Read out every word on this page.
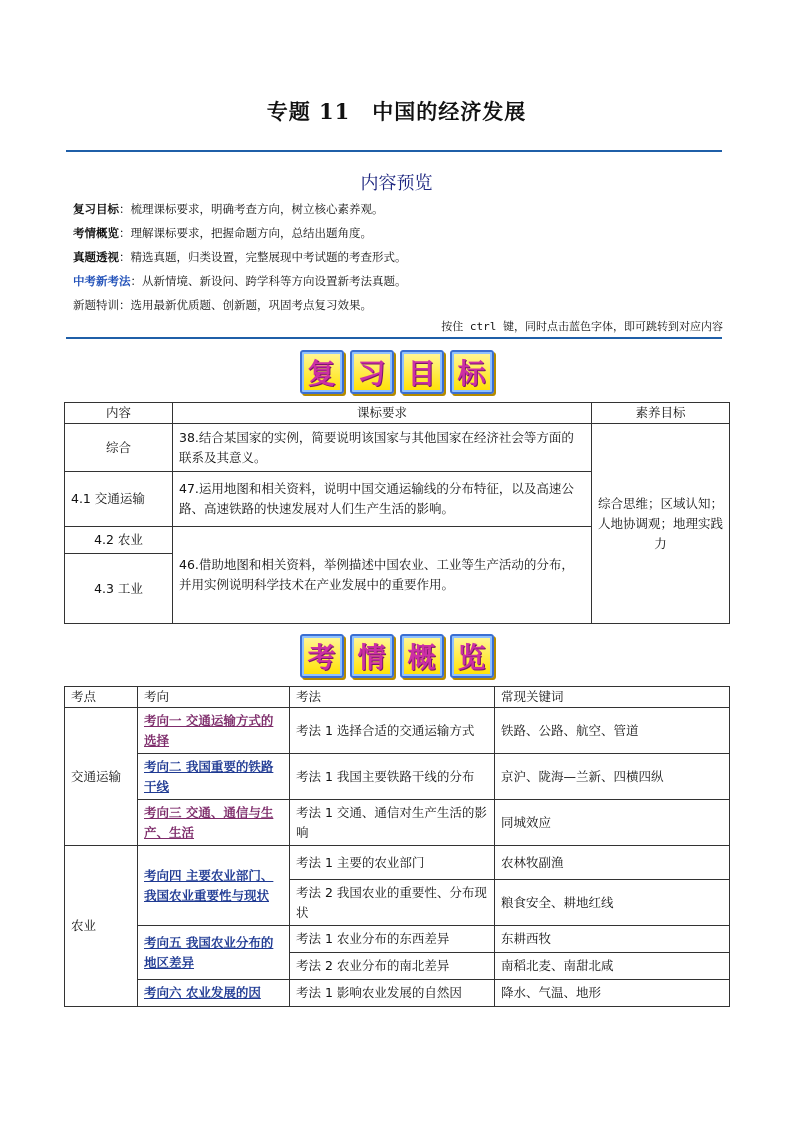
专题 11 中国的经济发展
内容预览
复习目标：梳理课标要求，明确考查方向，树立核心素养观。
考情概览：理解课标要求，把握命题方向，总结出题角度。
真题透视：精选真题，归类设置，完整展现中考试题的考查形式。
中考新考法：从新情境、新设问、跨学科等方向设置新考法真题。
新题特训：选用最新优质题、创新题，巩固考点复习效果。
按住 ctrl 键，同时点击蓝色字体，即可跳转到对应内容
复 习 目 标
内容	课标要求	素养目标
综合	38.结合某国家的实例，简要说明该国家与其他国家在经济社会等方面的联系及其意义。	综合思维；区域认知；人地协调观；地理实践力
4.1 交通运输	47.运用地图和相关资料，说明中国交通运输线的分布特征，以及高速公路、高速铁路的快速发展对人们生产生活的影响。	
4.2 农业	46.借助地图和相关资料，举例描述中国农业、工业等生产活动的分布，并用实例说明科学技术在产业发展中的重要作用。	
4.3 工业		
考 情 概 览
考点	考向	考法	常现关键词
交通运输	考向一 交通运输方式的选择	考法 1 选择合适的交通运输方式	铁路、公路、航空、管道
	考向二 我国重要的铁路干线	考法 1 我国主要铁路干线的分布	京沪、陇海—兰新、四横四纵
	考向三 交通、通信与生产、生活	考法 1 交通、通信对生产生活的影响	同城效应
农业	考向四 主要农业部门、我国农业重要性与现状	考法 1 主要的农业部门	农林牧副渔
		考法 2 我国农业的重要性、分布现状	粮食安全、耕地红线
	考向五 我国农业分布的地区差异	考法 1 农业分布的东西差异	东耕西牧
		考法 2 农业分布的南北差异	南稻北麦、南甜北咸
	考向六 农业发展的因	考法 1 影响农业发展的自然因	降水、气温、地形
